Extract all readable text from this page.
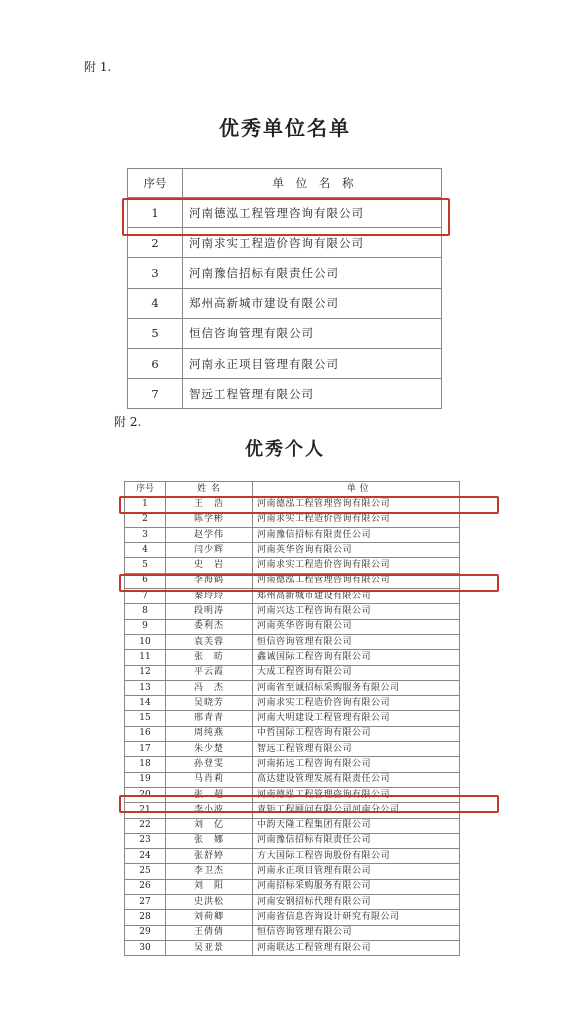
附 1.
优秀单位名单
序号	单 位 名 称
1	河南德泓工程管理咨询有限公司
2	河南求实工程造价咨询有限公司
3	河南豫信招标有限责任公司
4	郑州高新城市建设有限公司
5	恒信咨询管理有限公司
6	河南永正项目管理有限公司
7	智远工程管理有限公司
附 2.
优秀个人
序号	姓 名	单 位
1	王　浩	河南德泓工程管理咨询有限公司
2	陈学彬	河南求实工程造价咨询有限公司
3	赵学伟	河南豫信招标有限责任公司
4	闫少辉	河南英华咨询有限公司
5	史　岩	河南求实工程造价咨询有限公司
6	李海鹤	河南德泓工程管理咨询有限公司
7	秦玲玲	郑州高新城市建设有限公司
8	段明涛	河南兴达工程咨询有限公司
9	委利杰	河南英华咨询有限公司
10	袁芙蓉	恒信咨询管理有限公司
11	张　昉	鑫诚国际工程咨询有限公司
12	平云霞	大成工程咨询有限公司
13	冯　杰	河南省至诚招标采购服务有限公司
14	吴晓芳	河南求实工程造价咨询有限公司
15	邢青青	河南大明建设工程管理有限公司
16	周纯燕	中哲国际工程咨询有限公司
17	朱少楚	智远工程管理有限公司
18	孙登雯	河南拓远工程咨询有限公司
19	马肖莉	高达建设管理发展有限责任公司
20	张　超	河南德泓工程管理咨询有限公司
21	李小波	青矩工程顾问有限公司河南分公司
22	刘　亿	中韵天隆工程集团有限公司
23	张　娜	河南豫信招标有限责任公司
24	张舒婷	方大国际工程咨询股份有限公司
25	李卫杰	河南永正项目管理有限公司
26	刘　阳	河南招标采购服务有限公司
27	史洪松	河南安钢招标代理有限公司
28	刘荷卿	河南省信息咨询设计研究有限公司
29	王倩倩	恒信咨询管理有限公司
30	吴亚景	河南联达工程管理有限公司
